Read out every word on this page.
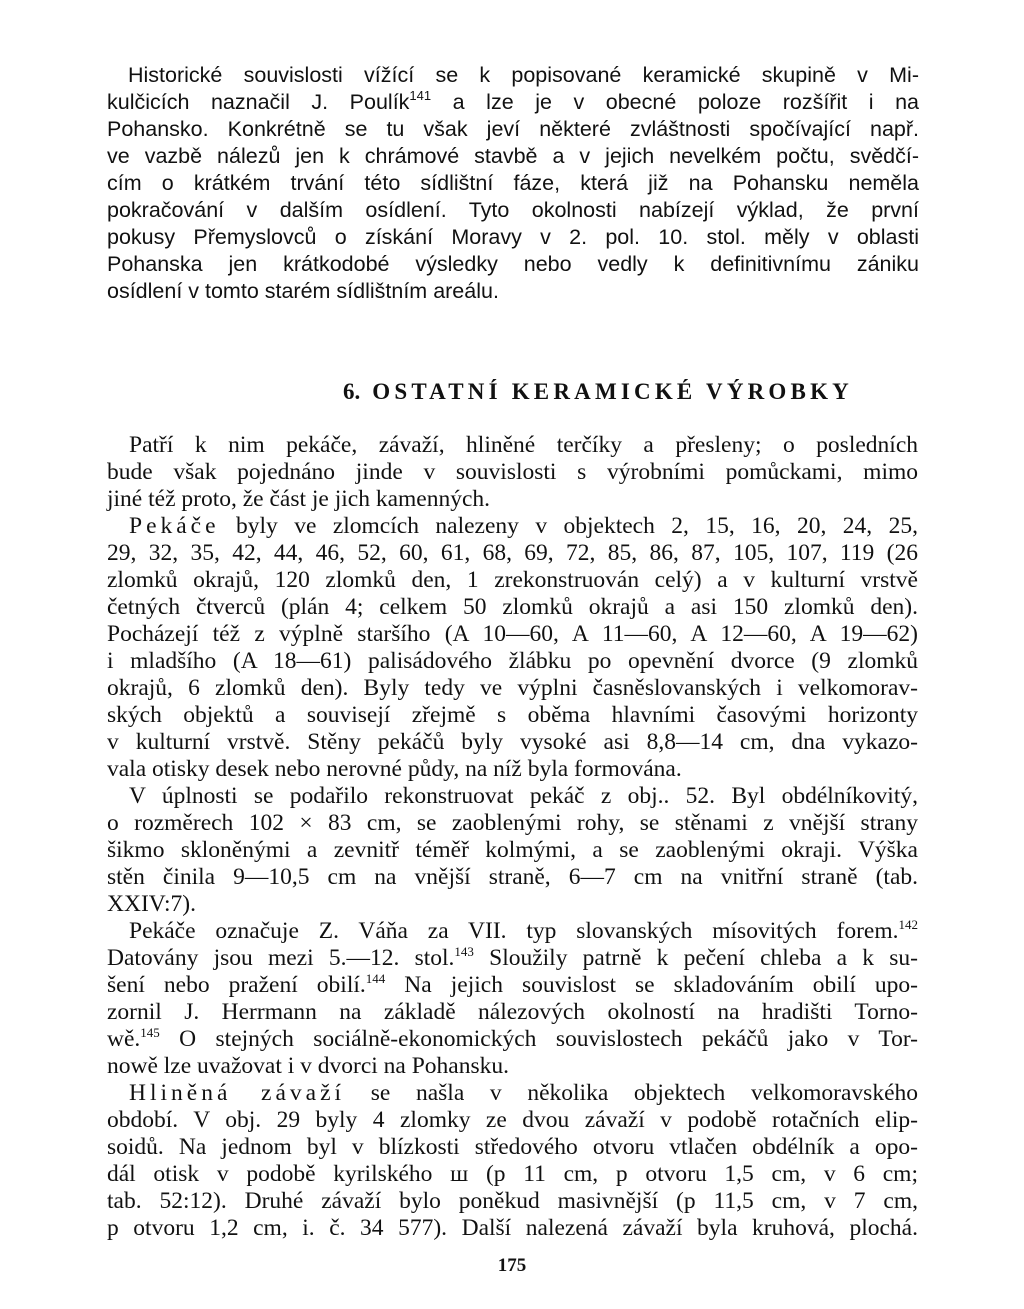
Historické souvislosti vížící se k popisované keramické skupině v Mi-
kulčicích naznačil J. Poulík$^{141}$ a lze je v obecné poloze rozšířit i na
Pohansko. Konkrétně se tu však jeví některé zvláštnosti spočívající např.
ve vazbě nálezů jen k chrámové stavbě a v jejich nevelkém počtu, svědčí-
cím o krátkém trvání této sídlištní fáze, která již na Pohansku neměla
pokračování v dalším osídlení. Tyto okolnosti nabízejí výklad, že první
pokusy Přemyslovců o získání Moravy v 2. pol. 10. stol. měly v oblasti
Pohanska jen krátkodobé výsledky nebo vedly k definitivnímu zániku
osídlení v tomto starém sídlištním areálu.
6. OSTATNÍ KERAMICKÉ VÝROBKY
Patří k nim pekáče, závaží, hliněné terčíky a přesleny; o posledních
bude však pojednáno jinde v souvislosti s výrobními pomůckami, mimo
jiné též proto, že část je jich kamenných.
Pekáče byly ve zlomcích nalezeny v objektech 2, 15, 16, 20, 24, 25,
29, 32, 35, 42, 44, 46, 52, 60, 61, 68, 69, 72, 85, 86, 87, 105, 107, 119 (26
zlomků okrajů, 120 zlomků den, 1 zrekonstruován celý) a v kulturní vrstvě
četných čtverců (plán 4; celkem 50 zlomků okrajů a asi 150 zlomků den).
Pocházejí též z výplně staršího (A 10—60, A 11—60, A 12—60, A 19—62)
i mladšího (A 18—61) palisádového žlábku po opevnění dvorce (9 zlomků
okrajů, 6 zlomků den). Byly tedy ve výplni časněslovanských i velkomorav-
ských objektů a souvisejí zřejmě s oběma hlavními časovými horizonty
v kulturní vrstvě. Stěny pekáčů byly vysoké asi 8,8—14 cm, dna vykazo-
vala otisky desek nebo nerovné půdy, na níž byla formována.
V úplnosti se podařilo rekonstruovat pekáč z obj.. 52. Byl obdélníkovitý,
o rozměrech 102 × 83 cm, se zaoblenými rohy, se stěnami z vnější strany
šikmo skloněnými a zevnitř téměř kolmými, a se zaoblenými okraji. Výška
stěn činila 9—10,5 cm na vnější straně, 6—7 cm na vnitřní straně (tab.
XXIV:7).
Pekáče označuje Z. Váňa za VII. typ slovanských mísovitých forem.$^{142}$
Datovány jsou mezi 5.—12. stol.$^{143}$ Sloužily patrně k pečení chleba a k su-
šení nebo pražení obilí.$^{144}$ Na jejich souvislost se skladováním obilí upo-
zornil J. Herrmann na základě nálezových okolností na hradišti Torno-
wě.$^{145}$ O stejných sociálně-ekonomických souvislostech pekáčů jako v Tor-
nowě lze uvažovat i v dvorci na Pohansku.
Hliněná závaží se našla v několika objektech velkomoravského
období. V obj. 29 byly 4 zlomky ze dvou závaží v podobě rotačních elip-
soidů. Na jednom byl v blízkosti středového otvoru vtlačen obdélník a opo-
dál otisk v podobě kyrilského ш (p 11 cm, p otvoru 1,5 cm, v 6 cm;
tab. 52:12). Druhé závaží bylo poněkud masivnější (p 11,5 cm, v 7 cm,
p otvoru 1,2 cm, i. č. 34 577). Další nalezená závaží byla kruhová, plochá.
175
